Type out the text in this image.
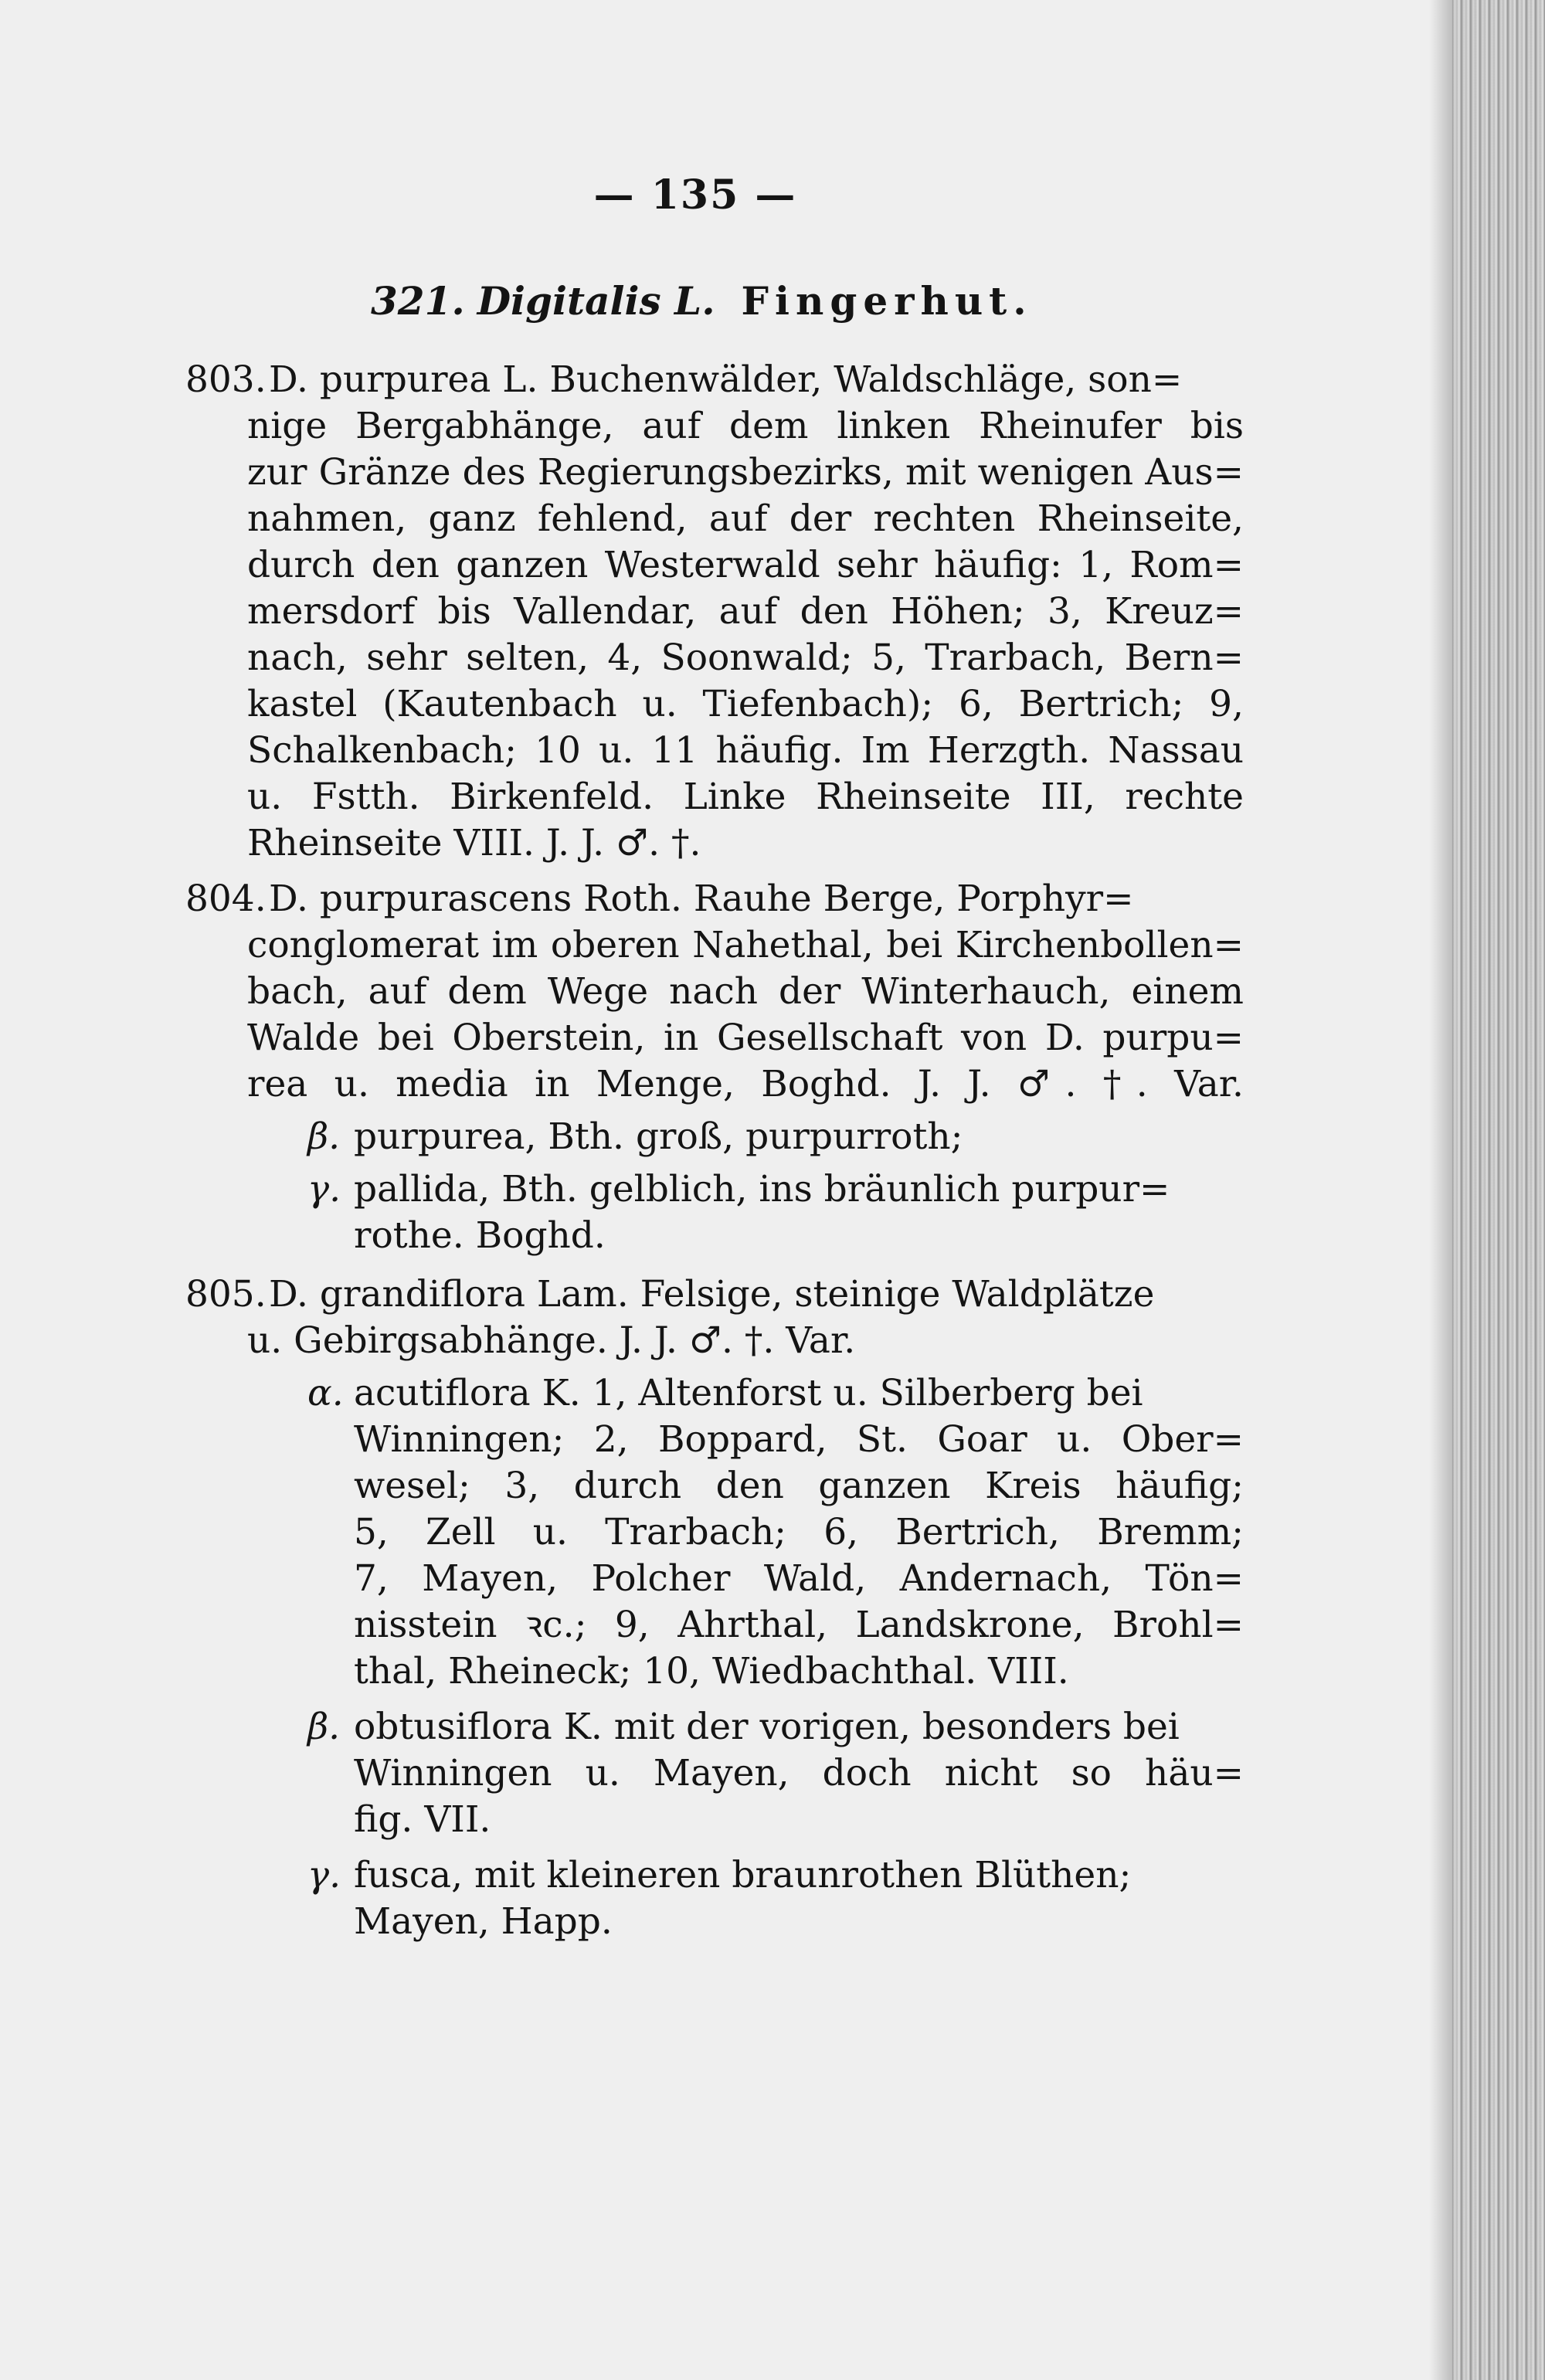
— 135 —
321. Digitalis L. Fingerhut.
803.D. purpurea L. Buchenwälder, Waldschläge, son=
nige Bergabhänge, auf dem linken Rheinufer bis
zur Gränze des Regierungsbezirks, mit wenigen Aus=
nahmen, ganz fehlend, auf der rechten Rheinseite,
durch den ganzen Westerwald sehr häufig: 1, Rom=
mersdorf bis Vallendar, auf den Höhen; 3, Kreuz=
nach, sehr selten, 4, Soonwald; 5, Trarbach, Bern=
kastel (Kautenbach u. Tiefenbach); 6, Bertrich; 9,
Schalkenbach; 10 u. 11 häufig. Im Herzgth. Nassau
u. Fstth. Birkenfeld. Linke Rheinseite III, rechte
Rheinseite VIII. J. J. ♂. †.
804.D. purpurascens Roth. Rauhe Berge, Porphyr=
conglomerat im oberen Nahethal, bei Kirchenbollen=
bach, auf dem Wege nach der Winterhauch, einem
Walde bei Oberstein, in Gesellschaft von D. purpu=
rea u. media in Menge, Boghd. J. J. ♂. †. Var.
β. purpurea, Bth. groß, purpurroth;
γ. pallida, Bth. gelblich, ins bräunlich purpur=
rothe. Boghd.
805.D. grandiflora Lam. Felsige, steinige Waldplätze
u. Gebirgsabhänge. J. J. ♂. †. Var.
α. acutiflora K. 1, Altenforst u. Silberberg bei
Winningen; 2, Boppard, St. Goar u. Ober=
wesel; 3, durch den ganzen Kreis häufig;
5, Zell u. Trarbach; 6, Bertrich, Bremm;
7, Mayen, Polcher Wald, Andernach, Tön=
nisstein ꝛc.; 9, Ahrthal, Landskrone, Brohl=
thal, Rheineck; 10, Wiedbachthal. VIII.
β. obtusiflora K. mit der vorigen, besonders bei
Winningen u. Mayen, doch nicht so häu=
fig. VII.
γ. fusca, mit kleineren braunrothen Blüthen;
Mayen, Happ.
